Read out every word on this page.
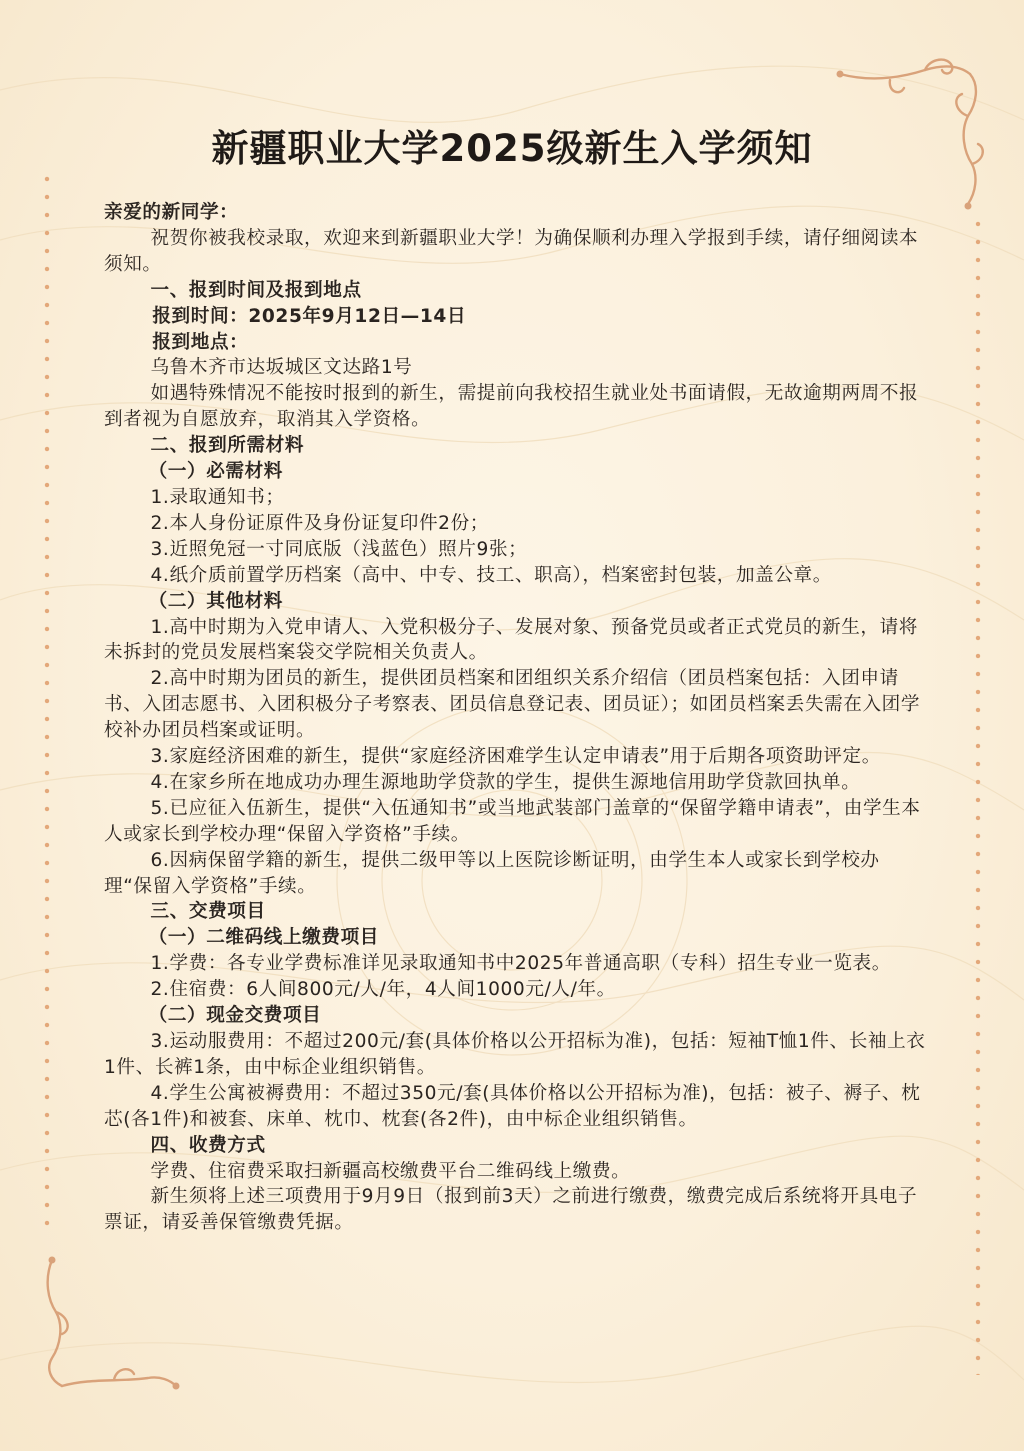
新疆职业大学2025级新生入学须知

亲爱的新同学：

祝贺你被我校录取，欢迎来到新疆职业大学！为确保顺利办理入学报到手续，请仔细阅读本须知。

一、报到时间及报到地点

报到时间：2025年9月12日—14日

报到地点：

乌鲁木齐市达坂城区文达路1号

如遇特殊情况不能按时报到的新生，需提前向我校招生就业处书面请假，无故逾期两周不报到者视为自愿放弃，取消其入学资格。

二、报到所需材料

（一）必需材料

1.录取通知书；

2.本人身份证原件及身份证复印件2份；

3.近照免冠一寸同底版（浅蓝色）照片9张；

4.纸介质前置学历档案（高中、中专、技工、职高），档案密封包装，加盖公章。

（二）其他材料

1.高中时期为入党申请人、入党积极分子、发展对象、预备党员或者正式党员的新生，请将未拆封的党员发展档案袋交学院相关负责人。

2.高中时期为团员的新生，提供团员档案和团组织关系介绍信（团员档案包括：入团申请书、入团志愿书、入团积极分子考察表、团员信息登记表、团员证）；如团员档案丢失需在入团学校补办团员档案或证明。

3.家庭经济困难的新生，提供“家庭经济困难学生认定申请表”用于后期各项资助评定。

4.在家乡所在地成功办理生源地助学贷款的学生，提供生源地信用助学贷款回执单。

5.已应征入伍新生，提供“入伍通知书”或当地武装部门盖章的“保留学籍申请表”，由学生本人或家长到学校办理“保留入学资格”手续。

6.因病保留学籍的新生，提供二级甲等以上医院诊断证明，由学生本人或家长到学校办理“保留入学资格”手续。

三、交费项目

（一）二维码线上缴费项目

1.学费：各专业学费标准详见录取通知书中2025年普通高职（专科）招生专业一览表。

2.住宿费：6人间800元/人/年，4人间1000元/人/年。

（二）现金交费项目

3.运动服费用：不超过200元/套(具体价格以公开招标为准)，包括：短袖T恤1件、长袖上衣1件、长裤1条，由中标企业组织销售。

4.学生公寓被褥费用：不超过350元/套(具体价格以公开招标为准)，包括：被子、褥子、枕芯(各1件)和被套、床单、枕巾、枕套(各2件)，由中标企业组织销售。

四、收费方式

学费、住宿费采取扫新疆高校缴费平台二维码线上缴费。

新生须将上述三项费用于9月9日（报到前3天）之前进行缴费，缴费完成后系统将开具电子票证，请妥善保管缴费凭据。
